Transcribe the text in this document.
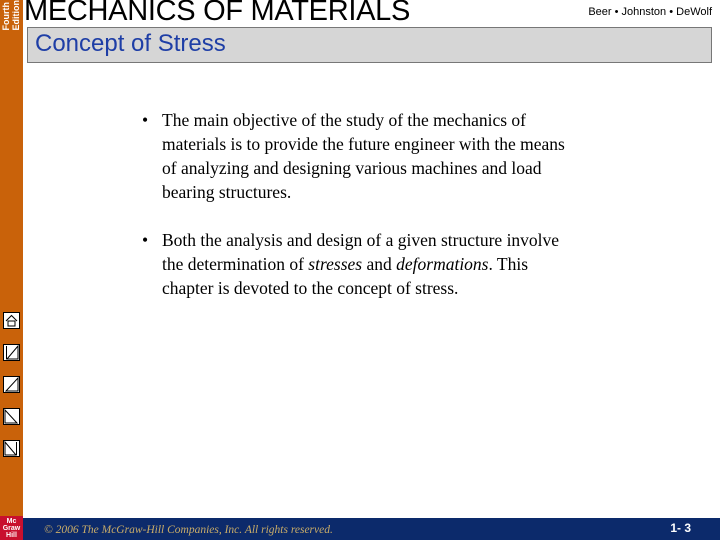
Fourth
Edition
Mc
Graw
Hill
MECHANICS OF MATERIALS	Beer • Johnston • DeWolf
Concept of Stress
• The main objective of the study of the mechanics of materials is to provide the future engineer with the means of analyzing and designing various machines and load bearing structures.
• Both the analysis and design of a given structure involve the determination of stresses and deformations. This chapter is devoted to the concept of stress.
© 2006 The McGraw-Hill Companies, Inc. All rights reserved.	1- 3
